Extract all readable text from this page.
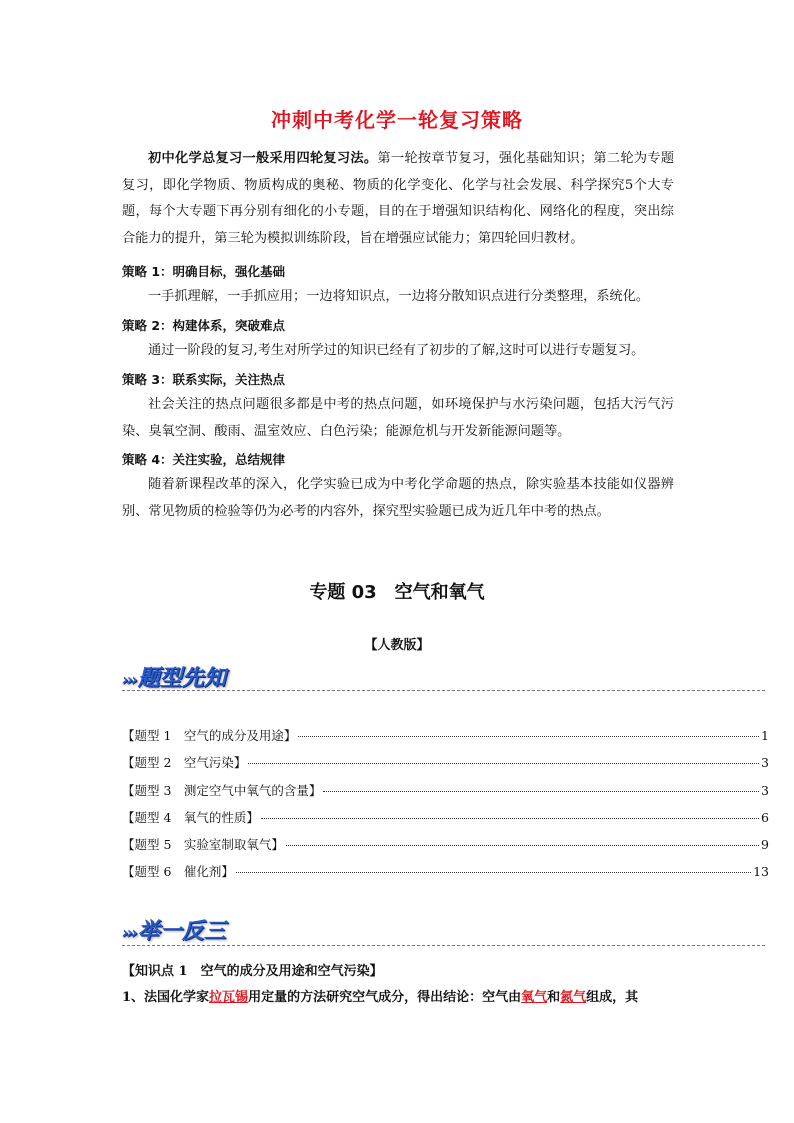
冲刺中考化学一轮复习策略
初中化学总复习一般采用四轮复习法。第一轮按章节复习，强化基础知识；第二轮为专题复习，即化学物质、物质构成的奥秘、物质的化学变化、化学与社会发展、科学探究5个大专题，每个大专题下再分别有细化的小专题，目的在于增强知识结构化、网络化的程度，突出综合能力的提升，第三轮为模拟训练阶段，旨在增强应试能力；第四轮回归教材。
策略 1：明确目标，强化基础
一手抓理解，一手抓应用；一边将知识点，一边将分散知识点进行分类整理，系统化。
策略 2：构建体系，突破难点
通过一阶段的复习,考生对所学过的知识已经有了初步的了解,这时可以进行专题复习。
策略 3：联系实际，关注热点
社会关注的热点问题很多都是中考的热点问题，如环境保护与水污染问题，包括大污气污染、臭氧空洞、酸雨、温室效应、白色污染；能源危机与开发新能源问题等。
策略 4：关注实验，总结规律
随着新课程改革的深入，化学实验已成为中考化学命题的热点，除实验基本技能如仪器辨别、常见物质的检验等仍为必考的内容外，探究型实验题已成为近几年中考的热点。
专题 03　空气和氧气
【人教版】
›››题型先知
【题型 1　空气的成分及用途】	1
【题型 2　空气污染】	3
【题型 3　测定空气中氧气的含量】	3
【题型 4　氧气的性质】	6
【题型 5　实验室制取氧气】	9
【题型 6　催化剂】	13
›››举一反三
【知识点 1　空气的成分及用途和空气污染】
1、法国化学家拉瓦锡用定量的方法研究空气成分，得出结论：空气由氧气和氮气组成，其
